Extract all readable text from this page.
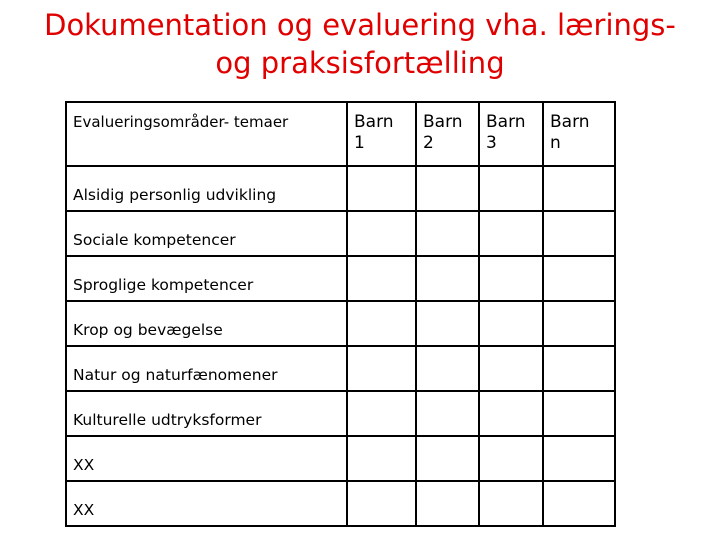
Dokumentation og evaluering vha. lærings-
og praksisfortælling
Evalueringsområder- temaer	Barn 1	Barn 2	Barn 3	Barn n

Alsidig personlig udvikling				

Sociale kompetencer				

Sproglige kompetencer				

Krop og bevægelse				

Natur og naturfænomener				

Kulturelle udtryksformer				

XX				

XX				
